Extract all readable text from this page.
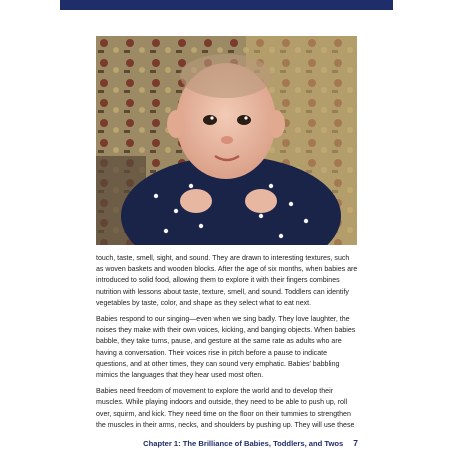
touch, taste, smell, sight, and sound. They are drawn to interesting textures, such as woven baskets and wooden blocks. After the age of six months, when babies are introduced to solid food, allowing them to explore it with their fingers combines nutrition with lessons about taste, texture, smell, and sound. Toddlers can identify vegetables by taste, color, and shape as they select what to eat next.

Babies respond to our singing—even when we sing badly. They love laughter, the noises they make with their own voices, kicking, and banging objects. When babies babble, they take turns, pause, and gesture at the same rate as adults who are having a conversation. Their voices rise in pitch before a pause to indicate questions, and at other times, they can sound very emphatic. Babies' babbling mimics the languages that they hear used most often.

Babies need freedom of movement to explore the world and to develop their muscles. While playing indoors and outside, they need to be able to push up, roll over, squirm, and kick. They need time on the floor on their tummies to strengthen the muscles in their arms, necks, and shoulders by pushing up. They will use these

Chapter 1: The Brilliance of Babies, Toddlers, and Twos 7
